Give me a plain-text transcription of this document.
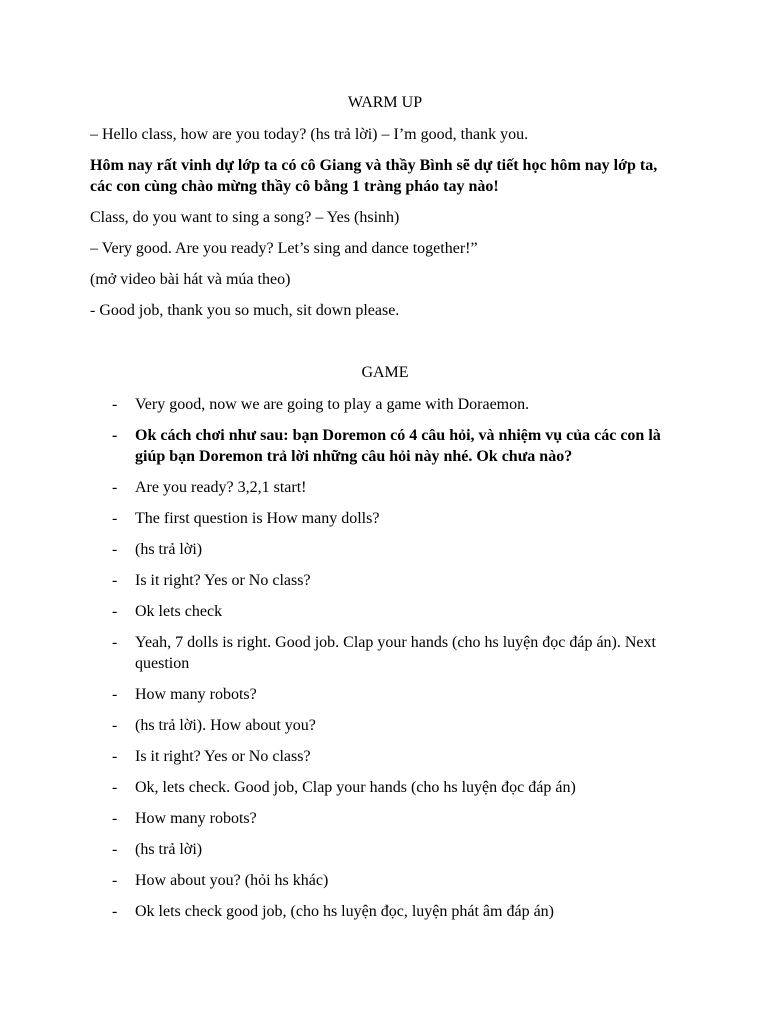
WARM UP

– Hello class, how are you today? (hs trả lời) – I’m good, thank you.

Hôm nay rất vinh dự lớp ta có cô Giang và thầy Bình sẽ dự tiết học hôm nay lớp ta, các con cùng chào mừng thầy cô bằng 1 tràng pháo tay nào!

Class, do you want to sing a song? – Yes (hsinh)

– Very good. Are you ready? Let’s sing and dance together!”

(mở video bài hát và múa theo)

- Good job, thank you so much, sit down please.

GAME
- Very good, now we are going to play a game with Doraemon.
- Ok cách chơi như sau: bạn Doremon có 4 câu hỏi, và nhiệm vụ của các con là giúp bạn Doremon trả lời những câu hỏi này nhé. Ok chưa nào?
- Are you ready? 3,2,1 start!
- The first question is How many dolls?
- (hs trả lời)
- Is it right? Yes or No class?
- Ok lets check
- Yeah, 7 dolls is right. Good job. Clap your hands (cho hs luyện đọc đáp án). Next question
- How many robots?
- (hs trả lời). How about you?
- Is it right? Yes or No class?
- Ok, lets check. Good job, Clap your hands (cho hs luyện đọc đáp án)
- How many robots?
- (hs trả lời)
- How about you? (hỏi hs khác)
- Ok lets check good job, (cho hs luyện đọc, luyện phát âm đáp án)
